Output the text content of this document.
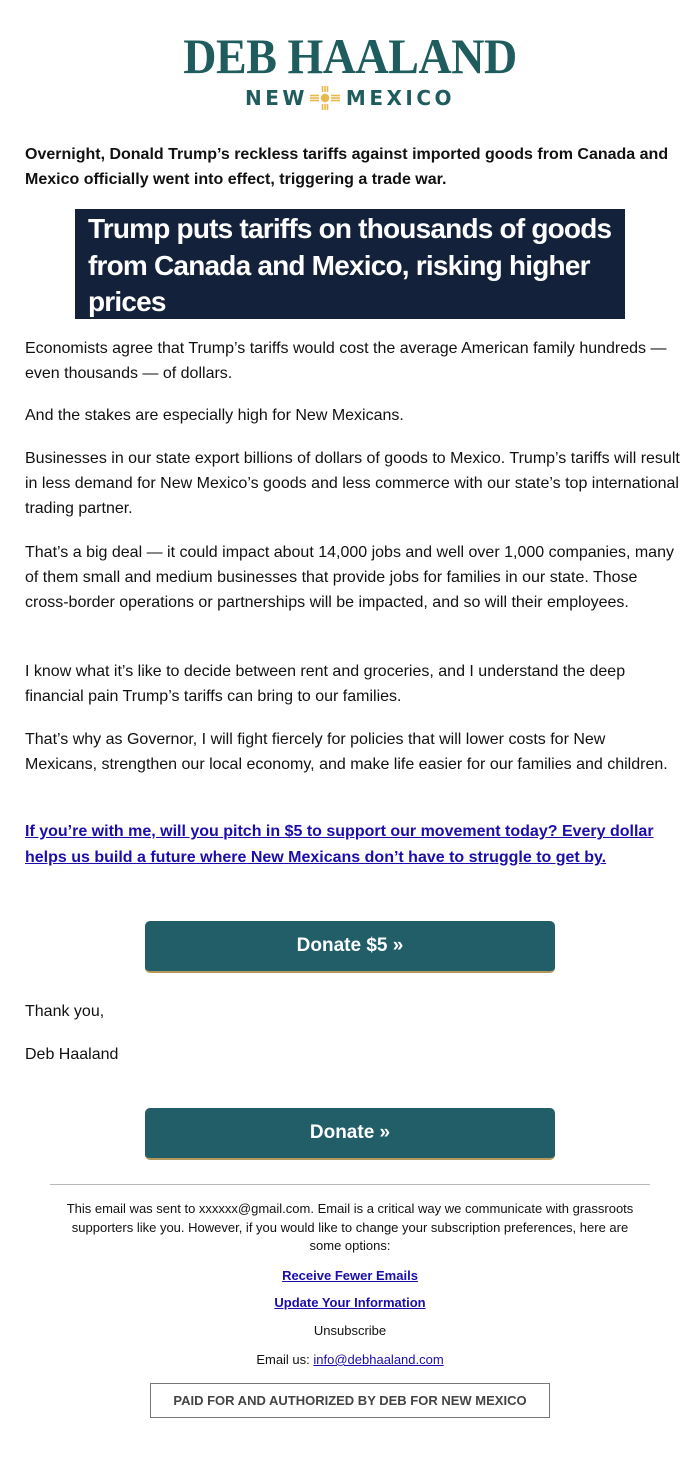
DEB HAALAND
NEW MEXICO
Overnight, Donald Trump’s reckless tariffs against imported goods from Canada and Mexico officially went into effect, triggering a trade war.
Trump puts tariffs on thousands of goods from Canada and Mexico, risking higher prices
Economists agree that Trump’s tariffs would cost the average American family hundreds — even thousands — of dollars.
And the stakes are especially high for New Mexicans.
Businesses in our state export billions of dollars of goods to Mexico. Trump’s tariffs will result in less demand for New Mexico’s goods and less commerce with our state’s top international trading partner.
That’s a big deal — it could impact about 14,000 jobs and well over 1,000 companies, many of them small and medium businesses that provide jobs for families in our state. Those cross-border operations or partnerships will be impacted, and so will their employees.
I know what it’s like to decide between rent and groceries, and I understand the deep financial pain Trump’s tariffs can bring to our families.
That’s why as Governor, I will fight fiercely for policies that will lower costs for New Mexicans, strengthen our local economy, and make life easier for our families and children.
If you’re with me, will you pitch in $5 to support our movement today? Every dollar helps us build a future where New Mexicans don’t have to struggle to get by.
Donate $5 »
Thank you,
Deb Haaland
Donate »
This email was sent to xxxxxx@gmail.com. Email is a critical way we communicate with grassroots supporters like you. However, if you would like to change your subscription preferences, here are some options:
Receive Fewer Emails
Update Your Information
Unsubscribe
Email us: info@debhaaland.com
PAID FOR AND AUTHORIZED BY DEB FOR NEW MEXICO
